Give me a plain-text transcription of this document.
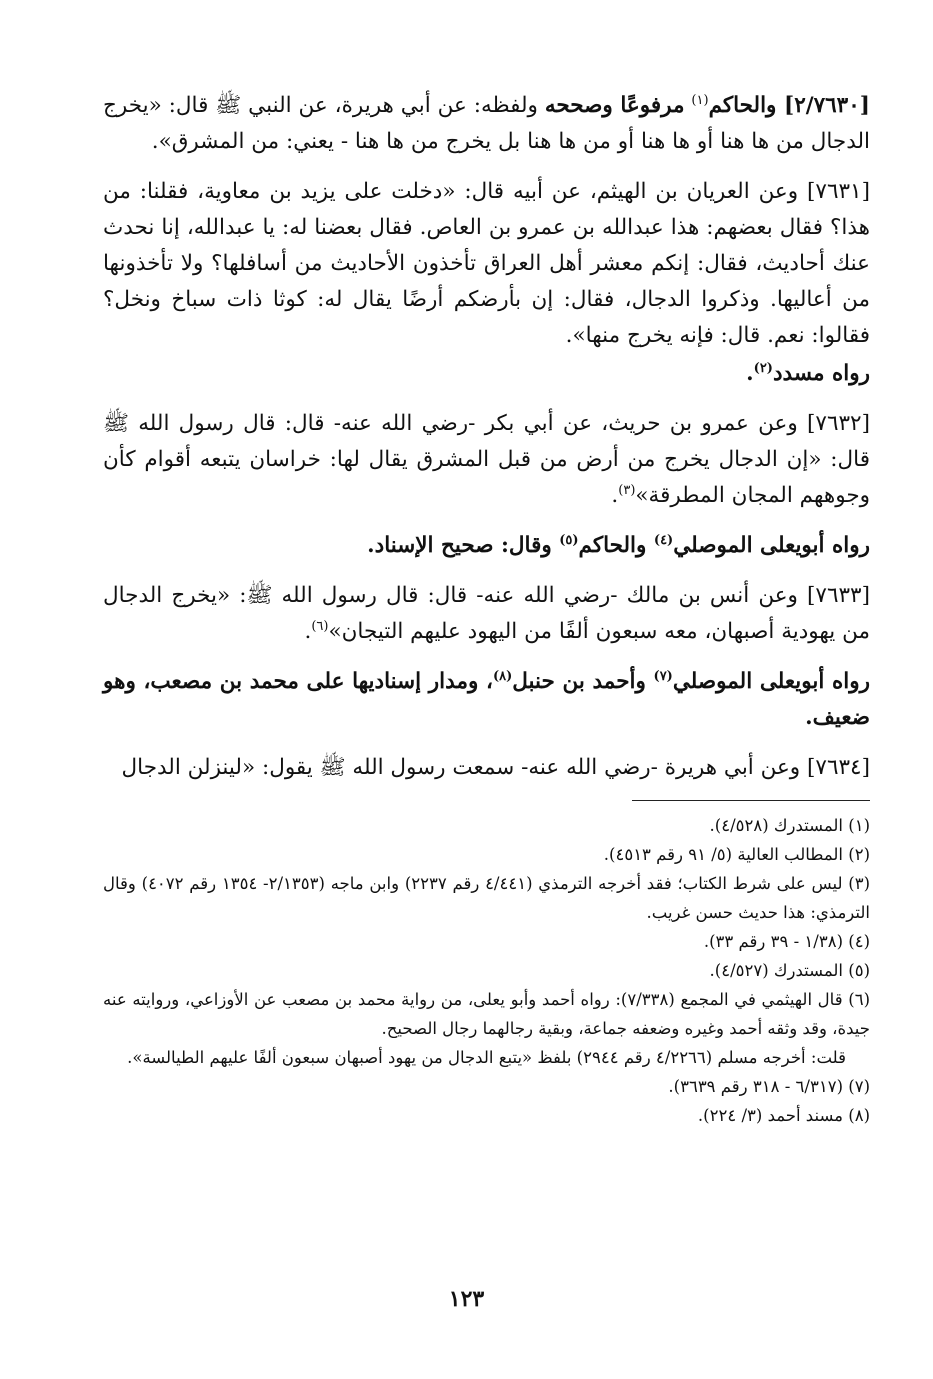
[٢/٧٦٣٠] والحاكم$^{(١)}$ مرفوعًا وصححه ولفظه: عن أبي هريرة، عن النبي ﷺ قال: «يخرج الدجال من ها هنا أو ها هنا أو من ها هنا بل يخرج من ها هنا - يعني: من المشرق».

[٧٦٣١] وعن العريان بن الهيثم، عن أبيه قال: «دخلت على يزيد بن معاوية، فقلنا: من هذا؟ فقال بعضهم: هذا عبدالله بن عمرو بن العاص. فقال بعضنا له: يا عبدالله، إنا نحدث عنك أحاديث، فقال: إنكم معشر أهل العراق تأخذون الأحاديث من أسافلها؟ ولا تأخذونها من أعاليها. وذكروا الدجال، فقال: إن بأرضكم أرضًا يقال له: كوثا ذات سباخ ونخل؟ فقالوا: نعم. قال: فإنه يخرج منها».

رواه مسدد$^{(٢)}$.

[٧٦٣٢] وعن عمرو بن حريث، عن أبي بكر -رضي الله عنه- قال: قال رسول الله ﷺ قال: «إن الدجال يخرج من أرض من قبل المشرق يقال لها: خراسان يتبعه أقوام كأن وجوههم المجان المطرقة»$^{(٣)}$.

رواه أبويعلى الموصلي$^{(٤)}$ والحاكم$^{(٥)}$ وقال: صحيح الإسناد.

[٧٦٣٣] وعن أنس بن مالك -رضي الله عنه- قال: قال رسول الله ﷺ: «يخرج الدجال من يهودية أصبهان، معه سبعون ألفًا من اليهود عليهم التيجان»$^{(٦)}$.

رواه أبويعلى الموصلي$^{(٧)}$ وأحمد بن حنبل$^{(٨)}$، ومدار إسناديها على محمد بن مصعب، وهو ضعيف.

[٧٦٣٤] وعن أبي هريرة -رضي الله عنه- سمعت رسول الله ﷺ يقول: «لينزلن الدجال

(١) المستدرك (٤/٥٢٨).

(٢) المطالب العالية (٥/ ٩١ رقم ٤٥١٣).

(٣) ليس على شرط الكتاب؛ فقد أخرجه الترمذي (٤/٤٤١ رقم ٢٢٣٧) وابن ماجه (٢/١٣٥٣- ١٣٥٤ رقم ٤٠٧٢) وقال الترمذي: هذا حديث حسن غريب.

(٤) (١/٣٨ - ٣٩ رقم ٣٣).

(٥) المستدرك (٤/٥٢٧).

(٦) قال الهيثمي في المجمع (٧/٣٣٨): رواه أحمد وأبو يعلى، من رواية محمد بن مصعب عن الأوزاعي، وروايته عنه جيدة، وقد وثقه أحمد وغيره وضعفه جماعة، وبقية رجالهما رجال الصحيح.

قلت: أخرجه مسلم (٤/٢٢٦٦ رقم ٢٩٤٤) بلفظ «يتبع الدجال من يهود أصبهان سبعون ألفًا عليهم الطيالسة».

(٧) (٦/٣١٧ - ٣١٨ رقم ٣٦٣٩).

(٨) مسند أحمد (٣/ ٢٢٤).

١٢٣
